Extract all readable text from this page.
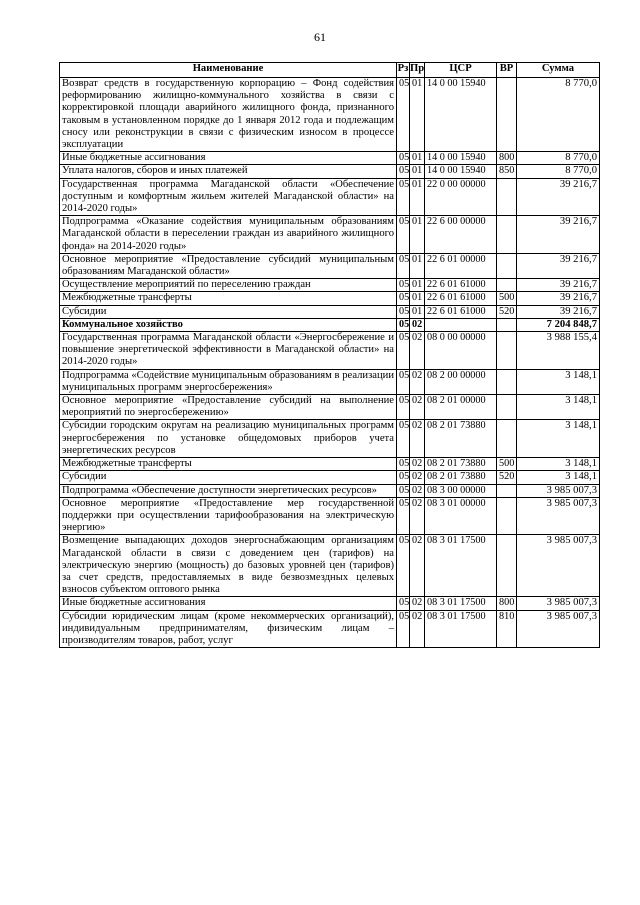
61
Наименование	Рз	Пр	ЦСР	ВР	Сумма
Возврат средств в государственную корпорацию – Фонд содействия реформированию жилищно-коммунального хозяйства в связи с корректировкой площади аварийного жилищного фонда, признанного таковым в установленном порядке до 1 января 2012 года и подлежащим сносу или реконструкции в связи с физическим износом в процессе эксплуатации	05	01	14 0 00 15940		8 770,0
Иные бюджетные ассигнования	05	01	14 0 00 15940	800	8 770,0
Уплата налогов, сборов и иных платежей	05	01	14 0 00 15940	850	8 770,0
Государственная программа Магаданской области «Обеспечение доступным и комфортным жильем жителей Магаданской области» на 2014-2020 годы»	05	01	22 0 00 00000		39 216,7
Подпрограмма «Оказание содействия муниципальным образованиям Магаданской области в переселении граждан из аварийного жилищного фонда» на 2014-2020 годы»	05	01	22 6 00 00000		39 216,7
Основное мероприятие «Предоставление субсидий муниципальным образованиям Магаданской области»	05	01	22 6 01 00000		39 216,7
Осуществление мероприятий по переселению граждан	05	01	22 6 01 61000		39 216,7
Межбюджетные трансферты	05	01	22 6 01 61000	500	39 216,7
Субсидии	05	01	22 6 01 61000	520	39 216,7
Коммунальное хозяйство	05	02			7 204 848,7
Государственная программа Магаданской области «Энергосбережение и повышение энергетической эффективности в Магаданской области» на 2014-2020 годы»	05	02	08 0 00 00000		3 988 155,4
Подпрограмма «Содействие муниципальным образованиям в реализации муниципальных программ энергосбережения»	05	02	08 2 00 00000		3 148,1
Основное мероприятие «Предоставление субсидий на выполнение мероприятий по энергосбережению»	05	02	08 2 01 00000		3 148,1
Субсидии городским округам на реализацию муниципальных программ энергосбережения по установке общедомовых приборов учета энергетических ресурсов	05	02	08 2 01 73880		3 148,1
Межбюджетные трансферты	05	02	08 2 01 73880	500	3 148,1
Субсидии	05	02	08 2 01 73880	520	3 148,1
Подпрограмма «Обеспечение доступности энергетических ресурсов»	05	02	08 3 00 00000		3 985 007,3
Основное мероприятие «Предоставление мер государственной поддержки при осуществлении тарифообразования на электрическую энергию»	05	02	08 3 01 00000		3 985 007,3
Возмещение выпадающих доходов энергоснабжающим организациям Магаданской области в связи с доведением цен (тарифов) на электрическую энергию (мощность) до базовых уровней цен (тарифов) за счет средств, предоставляемых в виде безвозмездных целевых взносов субъектом оптового рынка	05	02	08 3 01 17500		3 985 007,3
Иные бюджетные ассигнования	05	02	08 3 01 17500	800	3 985 007,3
Субсидии юридическим лицам (кроме некоммерческих организаций), индивидуальным предпринимателям, физическим лицам – производителям товаров, работ, услуг	05	02	08 3 01 17500	810	3 985 007,3
